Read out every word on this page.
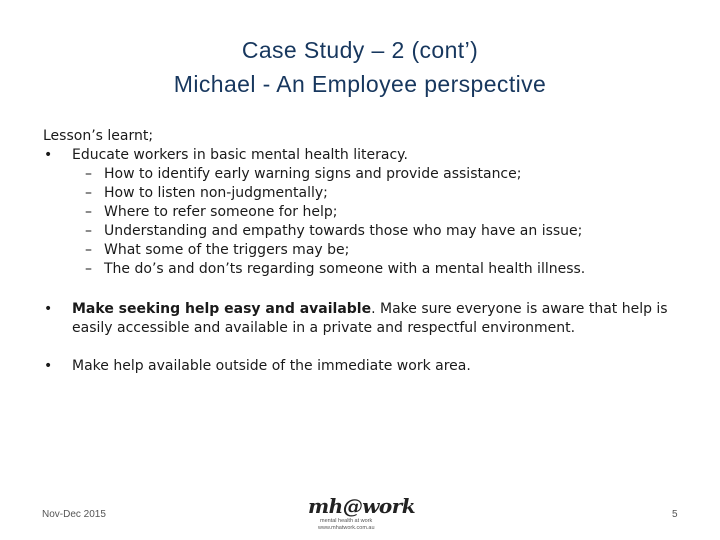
Case Study – 2 (cont’)
Michael - An Employee perspective

Lesson’s learnt;

• Educate workers in basic mental health literacy.
– How to identify early warning signs and provide assistance;
– How to listen non-judgmentally;
– Where to refer someone for help;
– Understanding and empathy towards those who may have an issue;
– What some of the triggers may be;
– The do’s and don’ts regarding someone with a mental health illness.
• Make seeking help easy and available. Make sure everyone is aware that help is easily accessible and available in a private and respectful environment.
• Make help available outside of the immediate work area.
Nov-Dec 2015	mh@work
mental health at work
www.mhatwork.com.au
5
